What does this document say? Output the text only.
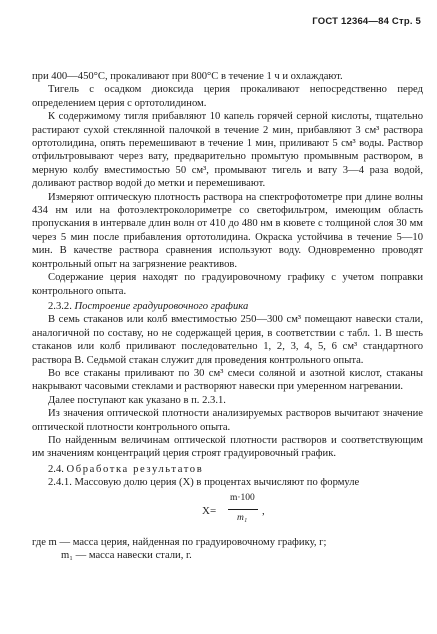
ГОСТ 12364—84 Стр. 5

при 400—450°С, прокаливают при 800°С в течение 1 ч и охлаждают.

Тигель с осадком диоксида церия прокаливают непосредственно перед определением церия с ортотолидином.

К содержимому тигля прибавляют 10 капель горячей серной кислоты, тщательно растирают сухой стеклянной палочкой в течение 2 мин, прибавляют 3 см³ раствора ортотолидина, опять перемешивают в течение 1 мин, приливают 5 см³ воды. Раствор отфильтровывают через вату, предварительно промытую промывным раствором, в мерную колбу вместимостью 50 см³, промывают тигель и вату 3—4 раза водой, доливают раствор водой до метки и перемешивают.

Измеряют оптическую плотность раствора на спектрофотометре при длине волны 434 нм или на фотоэлектроколориметре со светофильтром, имеющим область пропускания в интервале длин волн от 410 до 480 нм в кювете с толщиной слоя 30 мм через 5 мин после прибавления ортотолидина. Окраска устойчива в течение 5—10 мин. В качестве раствора сравнения используют воду. Одновременно проводят контрольный опыт на загрязнение реактивов.

Содержание церия находят по градуировочному графику с учетом поправки контрольного опыта.

2.3.2. Построение градуировочного графика

В семь стаканов или колб вместимостью 250—300 см³ помещают навески стали, аналогичной по составу, но не содержащей церия, в соответствии с табл. 1. В шесть стаканов или колб приливают последовательно 1, 2, 3, 4, 5, 6 см³ стандартного раствора В. Седьмой стакан служит для проведения контрольного опыта.

Во все стаканы приливают по 30 см³ смеси соляной и азотной кислот, стаканы накрывают часовыми стеклами и растворяют навески при умеренном нагревании.

Далее поступают как указано в п. 2.3.1.

Из значения оптической плотности анализируемых растворов вычитают значение оптической плотности контрольного опыта.

По найденным величинам оптической плотности растворов и соответствующим им значениям концентраций церия строят градуировочный график.

2.4. Обработка результатов

2.4.1. Массовую долю церия (X) в процентах вычисляют по формуле

X=
m·100
m₁
,

где m — масса церия, найденная по градуировочному графику, г;

m₁ — масса навески стали, г.
